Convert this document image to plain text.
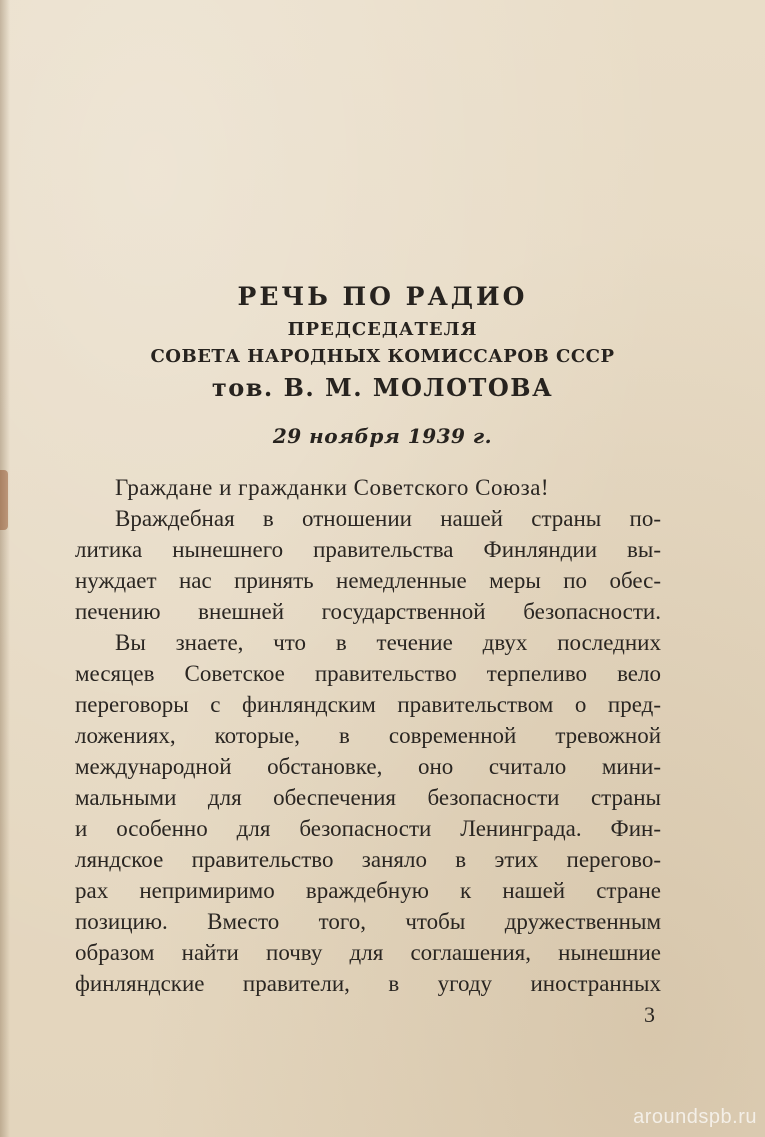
РЕЧЬ ПО РАДИО
ПРЕДСЕДАТЕЛЯ
СОВЕТА НАРОДНЫХ КОМИССАРОВ СССР
тов. В. М. МОЛОТОВА
29 ноября 1939 г.
Граждане и гражданки Советского Союза!
Враждебная в отношении нашей страны по-
литика нынешнего правительства Финляндии вы-
нуждает нас принять немедленные меры по обес-
печению внешней государственной безопасности.
Вы знаете, что в течение двух последних
месяцев Советское правительство терпеливо вело
переговоры с финляндским правительством о пред-
ложениях, которые, в современной тревожной
международной обстановке, оно считало мини-
мальными для обеспечения безопасности страны
и особенно для безопасности Ленинграда. Фин-
ляндское правительство заняло в этих перегово-
рах непримиримо враждебную к нашей стране
позицию. Вместо того, чтобы дружественным
образом найти почву для соглашения, нынешние
финляндские правители, в угоду иностранных
3
aroundspb.ru
